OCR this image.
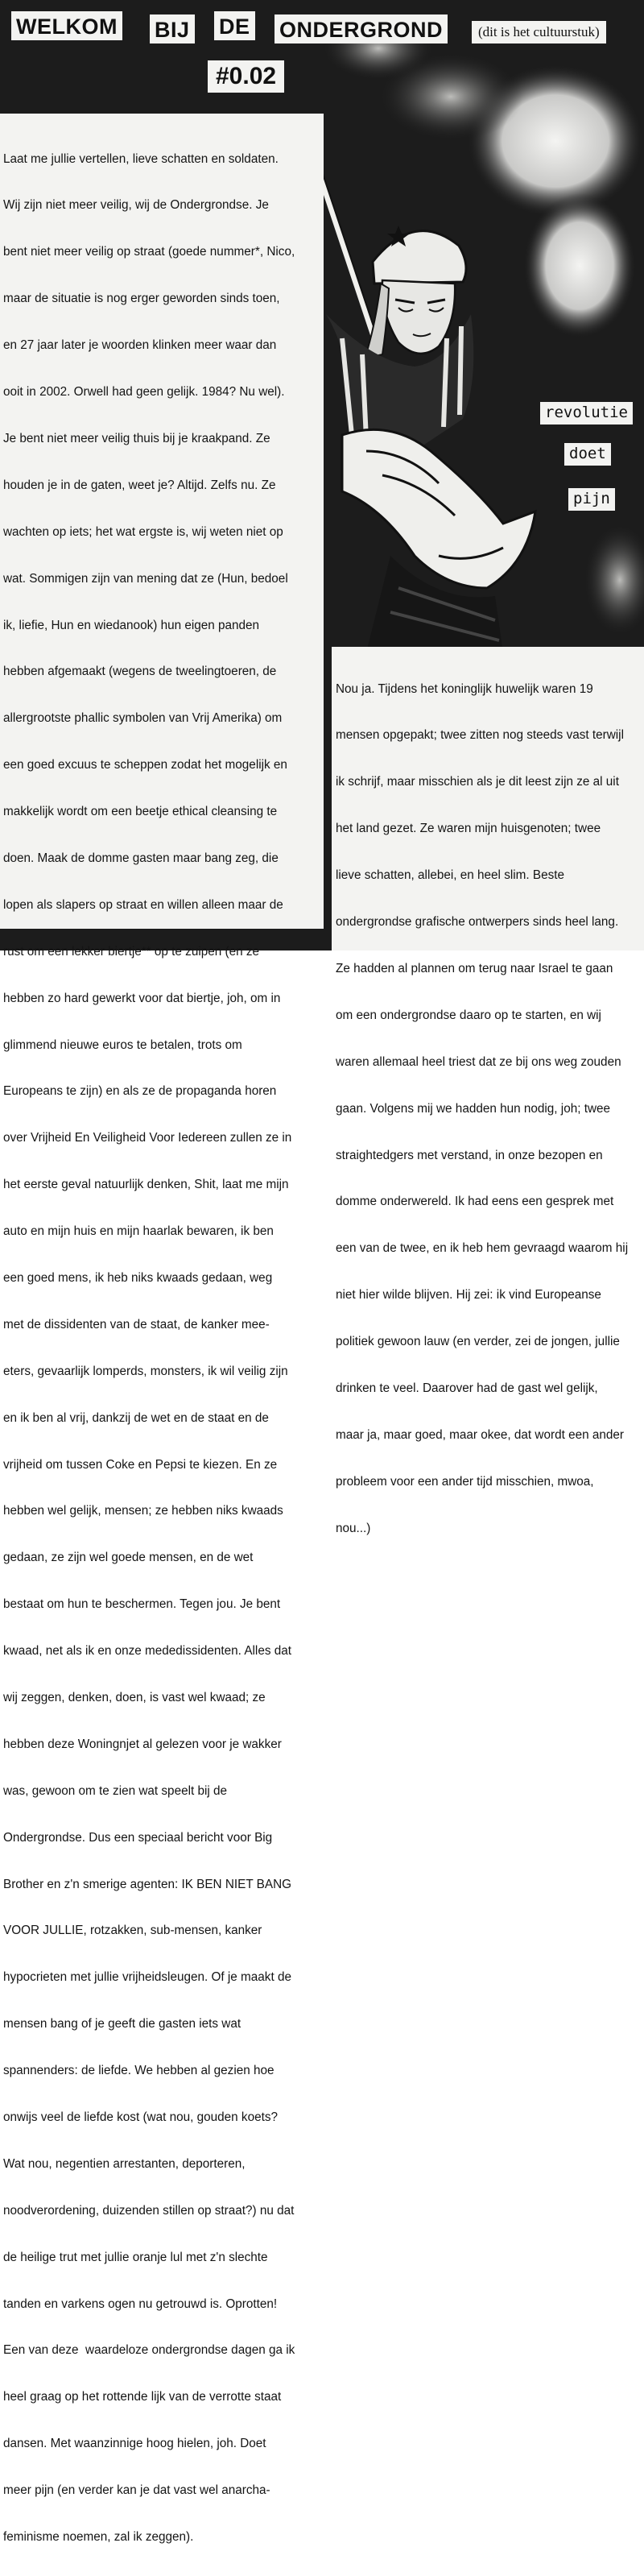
WELKOM BIJ DE ONDERGROND	(dit is het cultuurstuk)
#0.02
revolutie
doet
pijn

Laat me jullie vertellen, lieve schatten en soldaten.

Wij zijn niet meer veilig, wij de Ondergrondse. Je

bent niet meer veilig op straat (goede nummer*, Nico,

maar de situatie is nog erger geworden sinds toen,

en 27 jaar later je woorden klinken meer waar dan

ooit in 2002. Orwell had geen gelijk. 1984? Nu wel).

Je bent niet meer veilig thuis bij je kraakpand. Ze

houden je in de gaten, weet je? Altijd. Zelfs nu. Ze

wachten op iets; het wat ergste is, wij weten niet op

wat. Sommigen zijn van mening dat ze (Hun, bedoel

ik, liefie, Hun en wiedanook) hun eigen panden

hebben afgemaakt (wegens de tweelingtoeren, de

allergrootste phallic symbolen van Vrij Amerika) om

een goed excuus te scheppen zodat het mogelijk en

makkelijk wordt om een beetje ethical cleansing te

doen. Maak de domme gasten maar bang zeg, die

lopen als slapers op straat en willen alleen maar de

rust om een lekker biertje** op te zuipen (en ze

hebben zo hard gewerkt voor dat biertje, joh, om in

glimmend nieuwe euros te betalen, trots om

Europeans te zijn) en als ze de propaganda horen

over Vrijheid En Veiligheid Voor Iedereen zullen ze in

het eerste geval natuurlijk denken, Shit, laat me mijn

auto en mijn huis en mijn haarlak bewaren, ik ben

een goed mens, ik heb niks kwaads gedaan, weg

met de dissidenten van de staat, de kanker mee-

eters, gevaarlijk lomperds, monsters, ik wil veilig zijn

en ik ben al vrij, dankzij de wet en de staat en de

vrijheid om tussen Coke en Pepsi te kiezen. En ze

hebben wel gelijk, mensen; ze hebben niks kwaads

gedaan, ze zijn wel goede mensen, en de wet

bestaat om hun te beschermen. Tegen jou. Je bent

kwaad, net als ik en onze mededissidenten. Alles dat

wij zeggen, denken, doen, is vast wel kwaad; ze

hebben deze Woningnjet al gelezen voor je wakker

was, gewoon om te zien wat speelt bij de

Ondergrondse. Dus een speciaal bericht voor Big

Brother en z'n smerige agenten: IK BEN NIET BANG

VOOR JULLIE, rotzakken, sub-mensen, kanker

hypocrieten met jullie vrijheidsleugen. Of je maakt de

mensen bang of je geeft die gasten iets wat

spannenders: de liefde. We hebben al gezien hoe

onwijs veel de liefde kost (wat nou, gouden koets?

Wat nou, negentien arrestanten, deporteren,

noodverordening, duizenden stillen op straat?) nu dat

de heilige trut met jullie oranje lul met z'n slechte

tanden en varkens ogen nu getrouwd is. Oprotten!

Een van deze  waardeloze ondergrondse dagen ga ik

heel graag op het rottende lijk van de verrotte staat

dansen. Met waanzinnige hoog hielen, joh. Doet

meer pijn (en verder kan je dat vast wel anarcha-

feminisme noemen, zal ik zeggen).

Nou ja. Tijdens het koninglijk huwelijk waren 19

mensen opgepakt; twee zitten nog steeds vast terwijl

ik schrijf, maar misschien als je dit leest zijn ze al uit

het land gezet. Ze waren mijn huisgenoten; twee

lieve schatten, allebei, en heel slim. Beste

ondergrondse grafische ontwerpers sinds heel lang.

Ze hadden al plannen om terug naar Israel te gaan

om een ondergrondse daaro op te starten, en wij

waren allemaal heel triest dat ze bij ons weg zouden

gaan. Volgens mij we hadden hun nodig, joh; twee

straightedgers met verstand, in onze bezopen en

domme onderwereld. Ik had eens een gesprek met

een van de twee, en ik heb hem gevraagd waarom hij

niet hier wilde blijven. Hij zei: ik vind Europeanse

politiek gewoon lauw (en verder, zei de jongen, jullie

drinken te veel. Daarover had de gast wel gelijk,

maar ja, maar goed, maar okee, dat wordt een ander

probleem voor een ander tijd misschien, mwoa,

nou...)
